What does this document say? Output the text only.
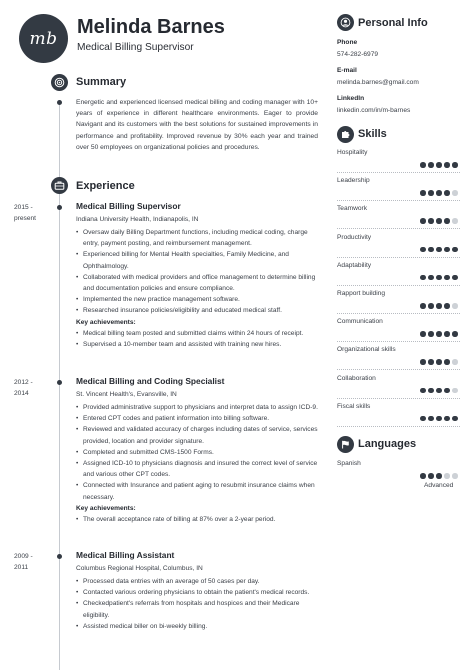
mb
Melinda Barnes
Medical Billing Supervisor
Summary
Energetic and experienced licensed medical billing and coding manager with 10+ years of experience in different healthcare environments. Eager to provide Navigant and its customers with the best solutions for sustained improvements in performance and profitability. Improved revenue by 30% each year and trained over 50 employees on organizational policies and procedures.
Experience
2015 -
present
Medical Billing Supervisor
Indiana University Health, Indianapolis, IN
• Oversaw daily Billing Department functions, including medical coding, charge entry, payment posting, and reimbursement management.
• Experienced billing for Mental Health specialties, Family Medicine, and Ophthalmology.
• Collaborated with medical providers and office management to determine billing and documentation policies and ensure compliance.
• Implemented the new practice management software.
• Researched insurance policies/eligibility and educated medical staff.
Key achievements:
• Medical billing team posted and submitted claims within 24 hours of receipt.
• Supervised a 10-member team and assisted with training new hires.
2012 -
2014
Medical Billing and Coding Specialist
St. Vincent Health's, Evansville, IN
• Provided administrative support to physicians and interpret data to assign ICD-9.
• Entered CPT codes and patient information into billing software.
• Reviewed and validated accuracy of charges including dates of service, services provided, location and provider signature.
• Completed and submitted CMS-1500 Forms.
• Assigned ICD-10 to physicians diagnosis and insured the correct level of service and various other CPT codes.
• Connected with Insurance and patient aging to resubmit insurance claims when necessary.
Key achievements:
• The overall acceptance rate of billing at 87% over a 2-year period.
2009 -
2011
Medical Billing Assistant
Columbus Regional Hospital, Columbus, IN
• Processed data entries with an average of 50 cases per day.
• Contacted various ordering physicians to obtain the patient's medical records.
• Checkedpatient's referrals from hospitals and hospices and their Medicare eligibility.
• Assisted medical biller on bi-weekly billing.
Personal Info
Phone
574-282-6979
E-mail
melinda.barnes@gmail.com
LinkedIn
linkedin.com/in/m-barnes
Skills
Hospitality
Leadership
Teamwork
Productivity
Adaptability
Rapport building
Communication
Organizational skills
Collaboration
Fiscal skills
Languages
Spanish
Advanced
